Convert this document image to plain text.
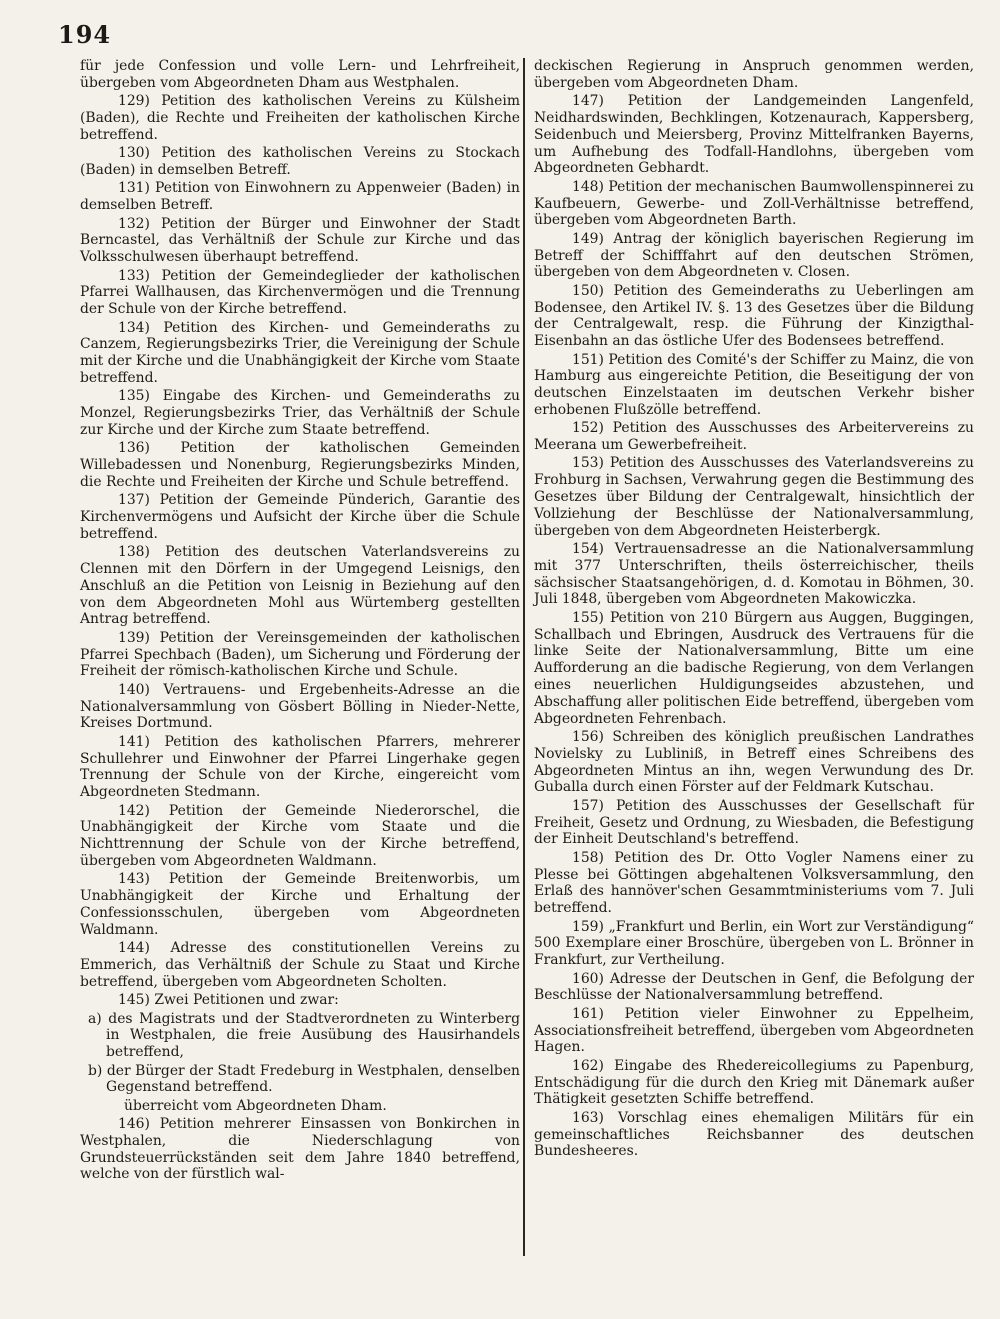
194

für jede Confession und volle Lern- und Lehrfreiheit, übergeben vom Abgeordneten Dham aus Westphalen.

129) Petition des katholischen Vereins zu Külsheim (Baden), die Rechte und Freiheiten der katholischen Kirche betreffend.

130) Petition des katholischen Vereins zu Stockach (Baden) in demselben Betreff.

131) Petition von Einwohnern zu Appenweier (Baden) in demselben Betreff.

132) Petition der Bürger und Einwohner der Stadt Berncastel, das Verhältniß der Schule zur Kirche und das Volksschulwesen überhaupt betreffend.

133) Petition der Gemeindeglieder der katholischen Pfarrei Wallhausen, das Kirchenvermögen und die Trennung der Schule von der Kirche betreffend.

134) Petition des Kirchen- und Gemeinderaths zu Canzem, Regierungsbezirks Trier, die Vereinigung der Schule mit der Kirche und die Unabhängigkeit der Kirche vom Staate betreffend.

135) Eingabe des Kirchen- und Gemeinderaths zu Monzel, Regierungsbezirks Trier, das Verhältniß der Schule zur Kirche und der Kirche zum Staate betreffend.

136) Petition der katholischen Gemeinden Willebadessen und Nonenburg, Regierungsbezirks Minden, die Rechte und Freiheiten der Kirche und Schule betreffend.

137) Petition der Gemeinde Pünderich, Garantie des Kirchenvermögens und Aufsicht der Kirche über die Schule betreffend.

138) Petition des deutschen Vaterlandsvereins zu Clennen mit den Dörfern in der Umgegend Leisnigs, den Anschluß an die Petition von Leisnig in Beziehung auf den von dem Abgeordneten Mohl aus Würtemberg gestellten Antrag betreffend.

139) Petition der Vereinsgemeinden der katholischen Pfarrei Spechbach (Baden), um Sicherung und Förderung der Freiheit der römisch-katholischen Kirche und Schule.

140) Vertrauens- und Ergebenheits-Adresse an die Nationalversammlung von Gösbert Bölling in Nieder-Nette, Kreises Dortmund.

141) Petition des katholischen Pfarrers, mehrerer Schullehrer und Einwohner der Pfarrei Lingerhake gegen Trennung der Schule von der Kirche, eingereicht vom Abgeordneten Stedmann.

142) Petition der Gemeinde Niederorschel, die Unabhängigkeit der Kirche vom Staate und die Nichttrennung der Schule von der Kirche betreffend, übergeben vom Abgeordneten Waldmann.

143) Petition der Gemeinde Breitenworbis, um Unabhängigkeit der Kirche und Erhaltung der Confessionsschulen, übergeben vom Abgeordneten Waldmann.

144) Adresse des constitutionellen Vereins zu Emmerich, das Verhältniß der Schule zu Staat und Kirche betreffend, übergeben vom Abgeordneten Scholten.

145) Zwei Petitionen und zwar:

a) des Magistrats und der Stadtverordneten zu Winterberg in Westphalen, die freie Ausübung des Hausirhandels betreffend,

b) der Bürger der Stadt Fredeburg in Westphalen, denselben Gegenstand betreffend.

überreicht vom Abgeordneten Dham.

146) Petition mehrerer Einsassen von Bonkirchen in Westphalen, die Niederschlagung von Grundsteuerrückständen seit dem Jahre 1840 betreffend, welche von der fürstlich wal-

deckischen Regierung in Anspruch genommen werden, übergeben vom Abgeordneten Dham.

147) Petition der Landgemeinden Langenfeld, Neidhardswinden, Bechklingen, Kotzenaurach, Kappersberg, Seidenbuch und Meiersberg, Provinz Mittelfranken Bayerns, um Aufhebung des Todfall-Handlohns, übergeben vom Abgeordneten Gebhardt.

148) Petition der mechanischen Baumwollenspinnerei zu Kaufbeuern, Gewerbe- und Zoll-Verhältnisse betreffend, übergeben vom Abgeordneten Barth.

149) Antrag der königlich bayerischen Regierung im Betreff der Schifffahrt auf den deutschen Strömen, übergeben von dem Abgeordneten v. Closen.

150) Petition des Gemeinderaths zu Ueberlingen am Bodensee, den Artikel IV. §. 13 des Gesetzes über die Bildung der Centralgewalt, resp. die Führung der Kinzigthal-Eisenbahn an das östliche Ufer des Bodensees betreffend.

151) Petition des Comité's der Schiffer zu Mainz, die von Hamburg aus eingereichte Petition, die Beseitigung der von deutschen Einzelstaaten im deutschen Verkehr bisher erhobenen Flußzölle betreffend.

152) Petition des Ausschusses des Arbeitervereins zu Meerana um Gewerbefreiheit.

153) Petition des Ausschusses des Vaterlandsvereins zu Frohburg in Sachsen, Verwahrung gegen die Bestimmung des Gesetzes über Bildung der Centralgewalt, hinsichtlich der Vollziehung der Beschlüsse der Nationalversammlung, übergeben von dem Abgeordneten Heisterbergk.

154) Vertrauensadresse an die Nationalversammlung mit 377 Unterschriften, theils österreichischer, theils sächsischer Staatsangehörigen, d. d. Komotau in Böhmen, 30. Juli 1848, übergeben vom Abgeordneten Makowiczka.

155) Petition von 210 Bürgern aus Auggen, Buggingen, Schallbach und Ebringen, Ausdruck des Vertrauens für die linke Seite der Nationalversammlung, Bitte um eine Aufforderung an die badische Regierung, von dem Verlangen eines neuerlichen Huldigungseides abzustehen, und Abschaffung aller politischen Eide betreffend, übergeben vom Abgeordneten Fehrenbach.

156) Schreiben des königlich preußischen Landrathes Novielsky zu Lubliniß, in Betreff eines Schreibens des Abgeordneten Mintus an ihn, wegen Verwundung des Dr. Guballa durch einen Förster auf der Feldmark Kutschau.

157) Petition des Ausschusses der Gesellschaft für Freiheit, Gesetz und Ordnung, zu Wiesbaden, die Befestigung der Einheit Deutschland's betreffend.

158) Petition des Dr. Otto Vogler Namens einer zu Plesse bei Göttingen abgehaltenen Volksversammlung, den Erlaß des hannöver'schen Gesammtministeriums vom 7. Juli betreffend.

159) „Frankfurt und Berlin, ein Wort zur Verständigung“ 500 Exemplare einer Broschüre, übergeben von L. Brönner in Frankfurt, zur Vertheilung.

160) Adresse der Deutschen in Genf, die Befolgung der Beschlüsse der Nationalversammlung betreffend.

161) Petition vieler Einwohner zu Eppelheim, Associationsfreiheit betreffend, übergeben vom Abgeordneten Hagen.

162) Eingabe des Rhedereicollegiums zu Papenburg, Entschädigung für die durch den Krieg mit Dänemark außer Thätigkeit gesetzten Schiffe betreffend.

163) Vorschlag eines ehemaligen Militärs für ein gemeinschaftliches Reichsbanner des deutschen Bundesheeres.
